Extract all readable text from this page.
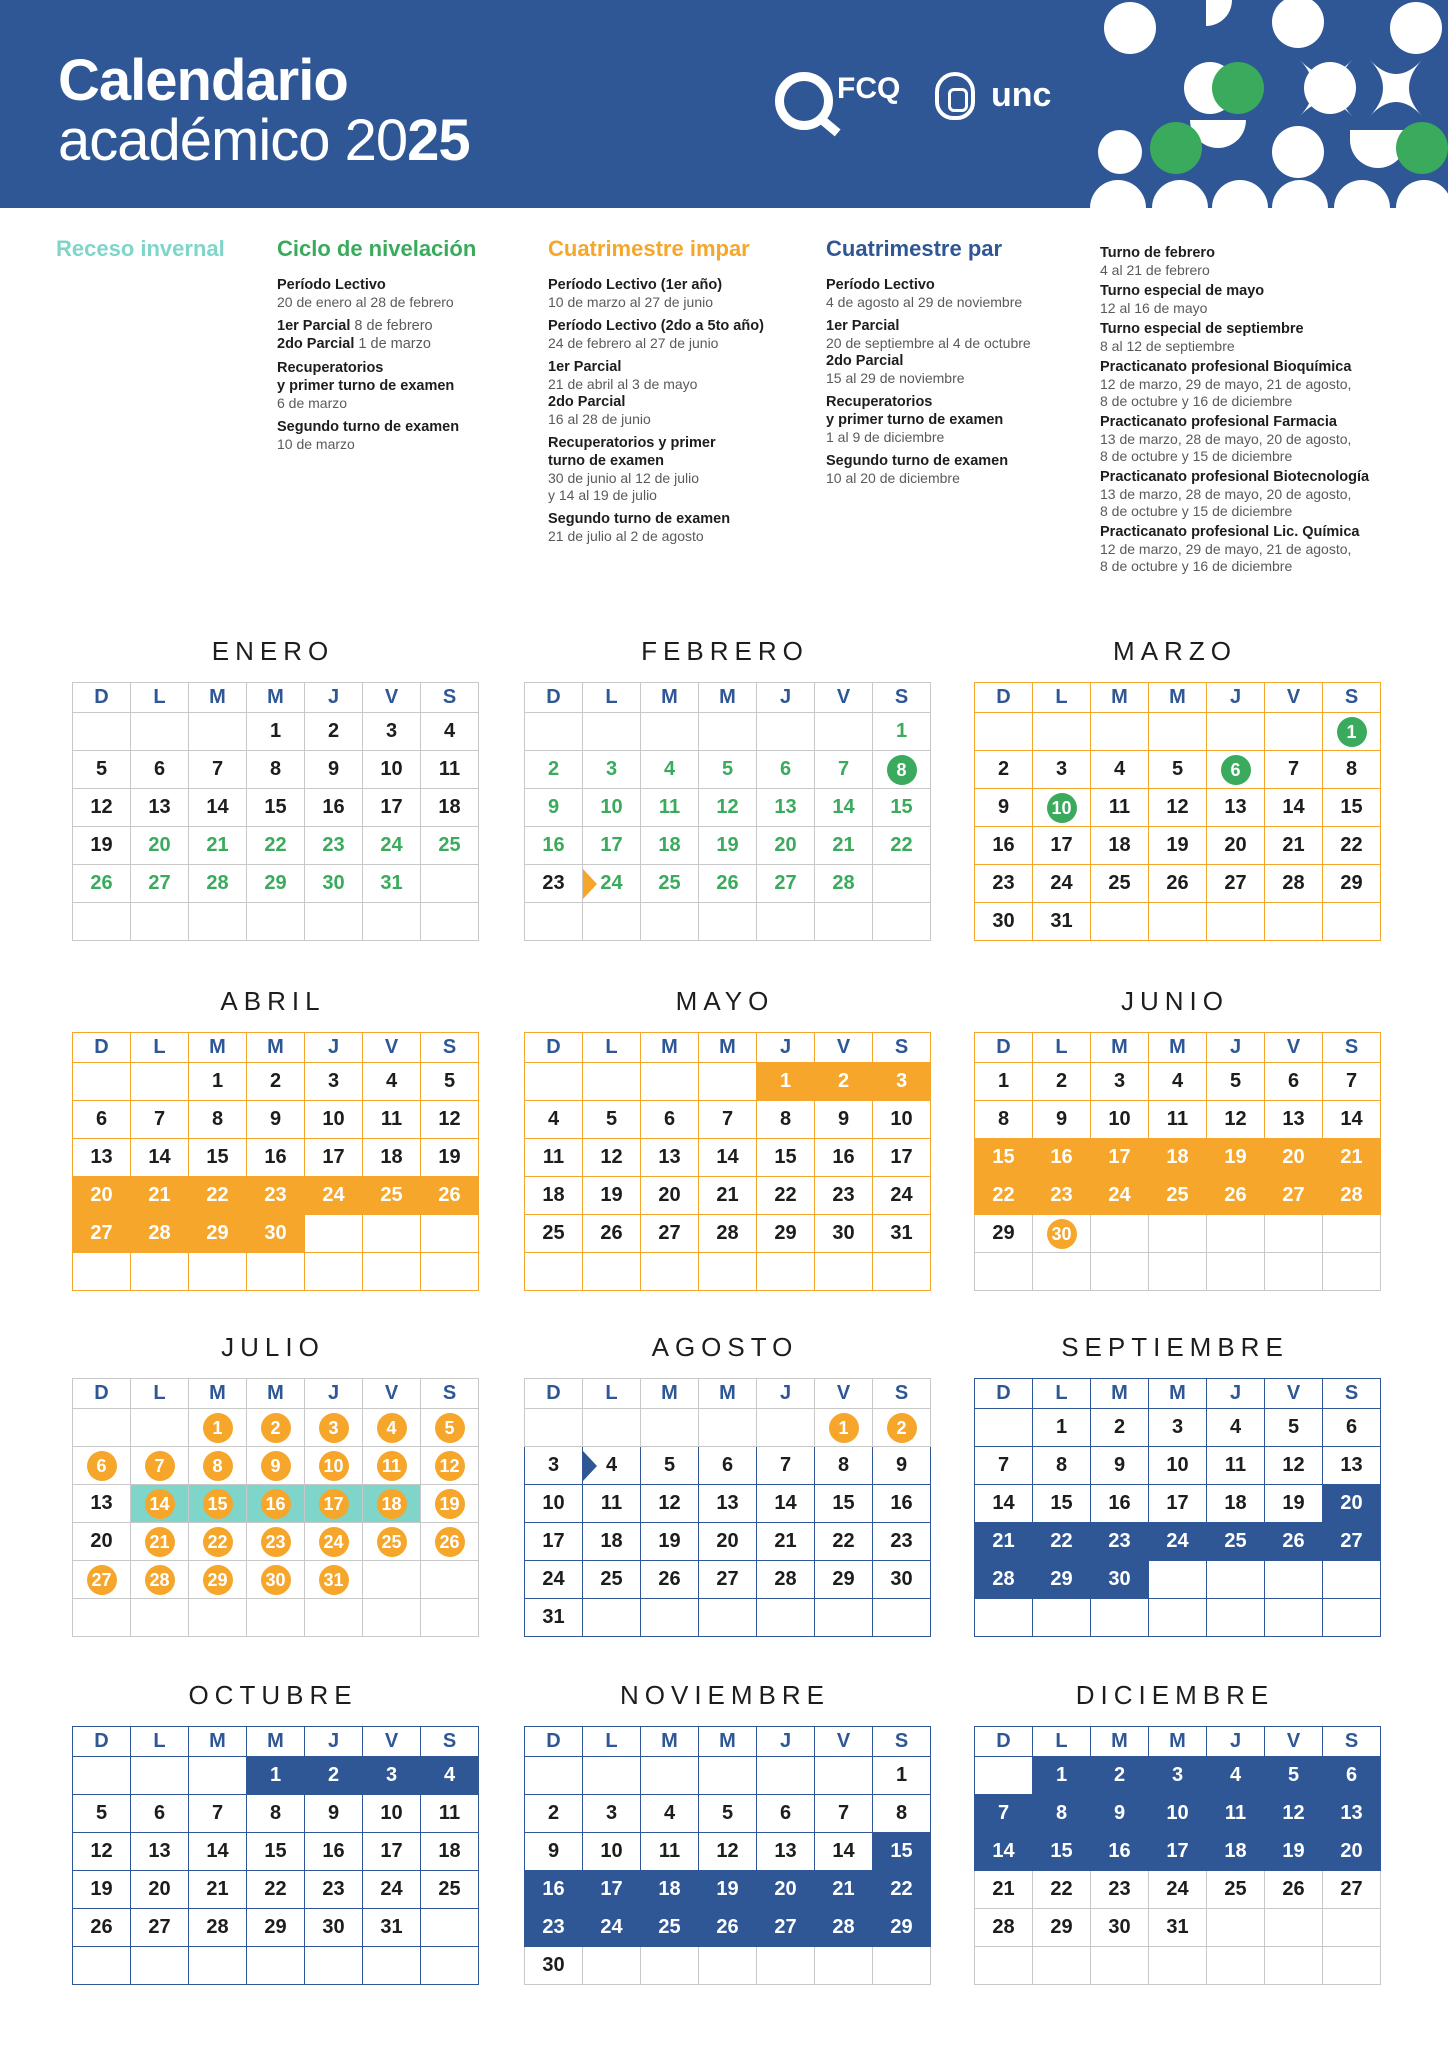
Calendario
académico 2025
FCQ	unc
Receso invernal	Ciclo de nivelación
Período Lectivo
20 de enero al 28 de febrero
1er Parcial 8 de febrero
2do Parcial 1 de marzo
Recuperatorios
y primer turno de examen
6 de marzo
Segundo turno de examen
10 de marzo
Cuatrimestre impar
Período Lectivo (1er año)
10 de marzo al 27 de junio
Período Lectivo (2do a 5to año)
24 de febrero al 27 de junio
1er Parcial
21 de abril al 3 de mayo
2do Parcial
16 al 28 de junio
Recuperatorios y primer
turno de examen
30 de junio al 12 de julio
y 14 al 19 de julio
Segundo turno de examen
21 de julio al 2 de agosto
Cuatrimestre par
Período Lectivo
4 de agosto al 29 de noviembre
1er Parcial
20 de septiembre al 4 de octubre
2do Parcial
15 al 29 de noviembre
Recuperatorios
y primer turno de examen
1 al 9 de diciembre
Segundo turno de examen
10 al 20 de diciembre
Turno de febrero
4 al 21 de febrero
Turno especial de mayo
12 al 16 de mayo
Turno especial de septiembre
8 al 12 de septiembre
Practicanato profesional Bioquímica
12 de marzo, 29 de mayo, 21 de agosto,
8 de octubre y 16 de diciembre
Practicanato profesional Farmacia
13 de marzo, 28 de mayo, 20 de agosto,
8 de octubre y 15 de diciembre
Practicanato profesional Biotecnología
13 de marzo, 28 de mayo, 20 de agosto,
8 de octubre y 15 de diciembre
Practicanato profesional Lic. Química
12 de marzo, 29 de mayo, 21 de agosto,
8 de octubre y 16 de diciembre
ENERO
D	L	M	M	J	V	S
			1	2	3	4
5	6	7	8	9	10	11
12	13	14	15	16	17	18
19	20	21	22	23	24	25
26	27	28	29	30	31	

FEBRERO
D	L	M	M	J	V	S
						1
2	3	4	5	6	7	8
9	10	11	12	13	14	15
16	17	18	19	20	21	22
23	24	25	26	27	28	

MARZO
D	L	M	M	J	V	S
						1
2	3	4	5	6	7	8
9	10	11	12	13	14	15
16	17	18	19	20	21	22
23	24	25	26	27	28	29
30	31					
ABRIL
D	L	M	M	J	V	S
		1	2	3	4	5
6	7	8	9	10	11	12
13	14	15	16	17	18	19
20	21	22	23	24	25	26
27	28	29	30			

MAYO
D	L	M	M	J	V	S
				1	2	3
4	5	6	7	8	9	10
11	12	13	14	15	16	17
18	19	20	21	22	23	24
25	26	27	28	29	30	31

JUNIO
D	L	M	M	J	V	S
1	2	3	4	5	6	7
8	9	10	11	12	13	14
15	16	17	18	19	20	21
22	23	24	25	26	27	28
29	30					

JULIO
D	L	M	M	J	V	S
		1	2	3	4	5
6	7	8	9	10	11	12
13	14	15	16	17	18	19
20	21	22	23	24	25	26
27	28	29	30	31		

AGOSTO
D	L	M	M	J	V	S
					1	2
3	4	5	6	7	8	9
10	11	12	13	14	15	16
17	18	19	20	21	22	23
24	25	26	27	28	29	30
31						
SEPTIEMBRE
D	L	M	M	J	V	S
	1	2	3	4	5	6
7	8	9	10	11	12	13
14	15	16	17	18	19	20
21	22	23	24	25	26	27
28	29	30				

OCTUBRE
D	L	M	M	J	V	S
			1	2	3	4
5	6	7	8	9	10	11
12	13	14	15	16	17	18
19	20	21	22	23	24	25
26	27	28	29	30	31	

NOVIEMBRE
D	L	M	M	J	V	S
						1
2	3	4	5	6	7	8
9	10	11	12	13	14	15
16	17	18	19	20	21	22
23	24	25	26	27	28	29
30						
DICIEMBRE
D	L	M	M	J	V	S
	1	2	3	4	5	6
7	8	9	10	11	12	13
14	15	16	17	18	19	20
21	22	23	24	25	26	27
28	29	30	31			
